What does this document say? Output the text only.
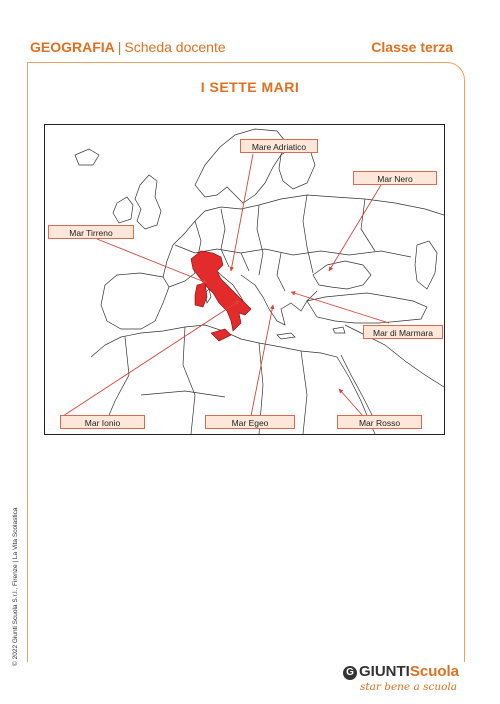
GEOGRAFIA | Scheda docente	Classe terza
I SETTE MARI
Mare Adriatico
Mar Nero
Mar Tirreno
Mar di Marmara
Mar Ionio	Mar Egeo	Mar Rosso
© 2022 Giunti Scuola S.r.l., Firenze | La Vita Scolastica
G GIUNTIScuola
star bene a scuola
